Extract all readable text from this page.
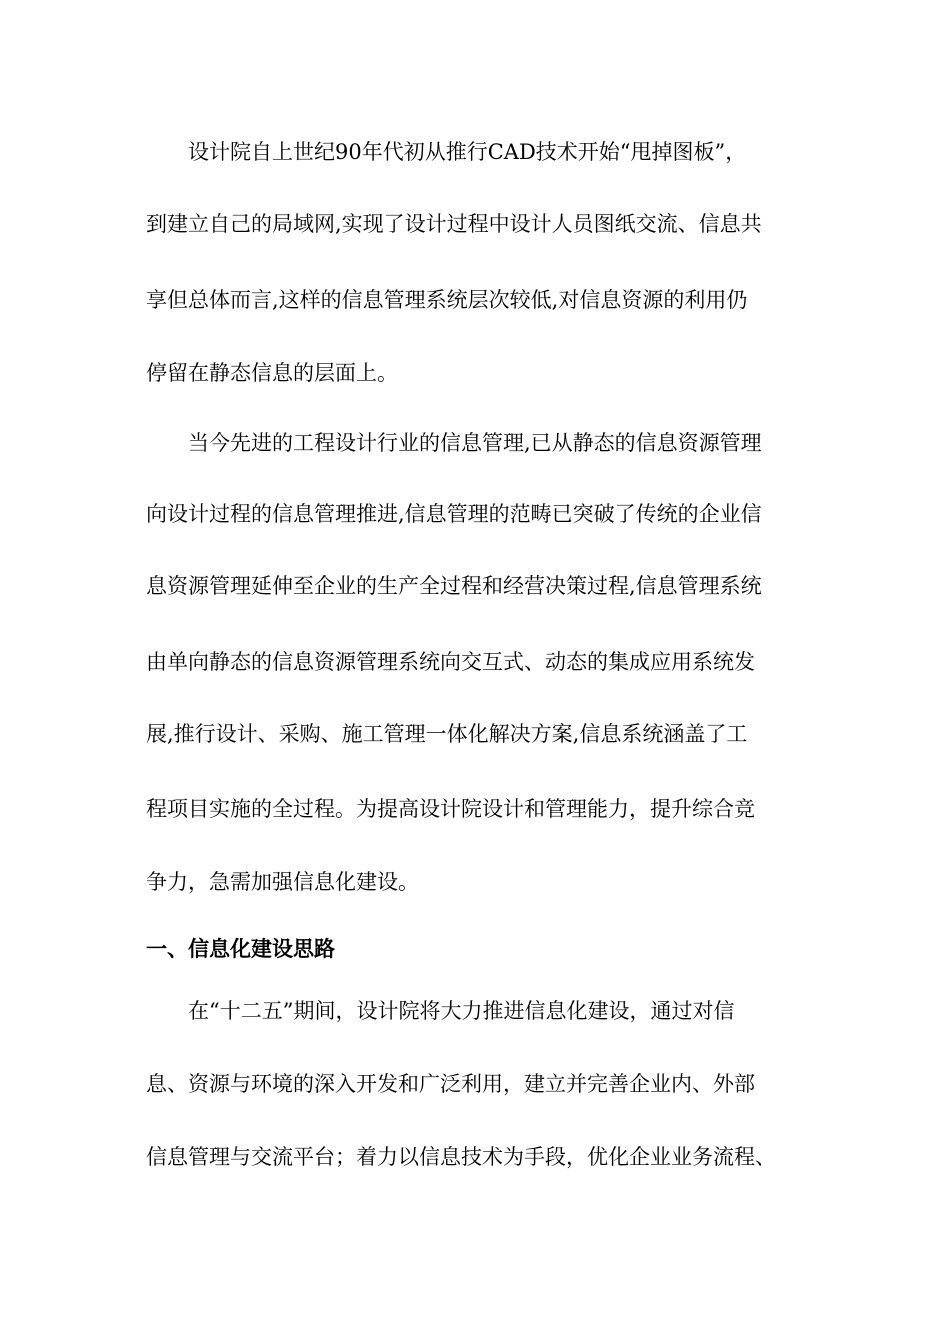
　　设计院自上世纪90年代初从推行CAD技术开始“甩掉图板”，
到建立自己的局域网,实现了设计过程中设计人员图纸交流、信息共
享但总体而言,这样的信息管理系统层次较低,对信息资源的利用仍
停留在静态信息的层面上。
　　当今先进的工程设计行业的信息管理,已从静态的信息资源管理
向设计过程的信息管理推进,信息管理的范畴已突破了传统的企业信
息资源管理延伸至企业的生产全过程和经营决策过程,信息管理系统
由单向静态的信息资源管理系统向交互式、动态的集成应用系统发
展,推行设计、采购、施工管理一体化解决方案,信息系统涵盖了工
程项目实施的全过程。为提高设计院设计和管理能力，提升综合竞
争力，急需加强信息化建设。
一、信息化建设思路
　　在“十二五”期间，设计院将大力推进信息化建设，通过对信
息、资源与环境的深入开发和广泛利用，建立并完善企业内、外部
信息管理与交流平台；着力以信息技术为手段，优化企业业务流程、
